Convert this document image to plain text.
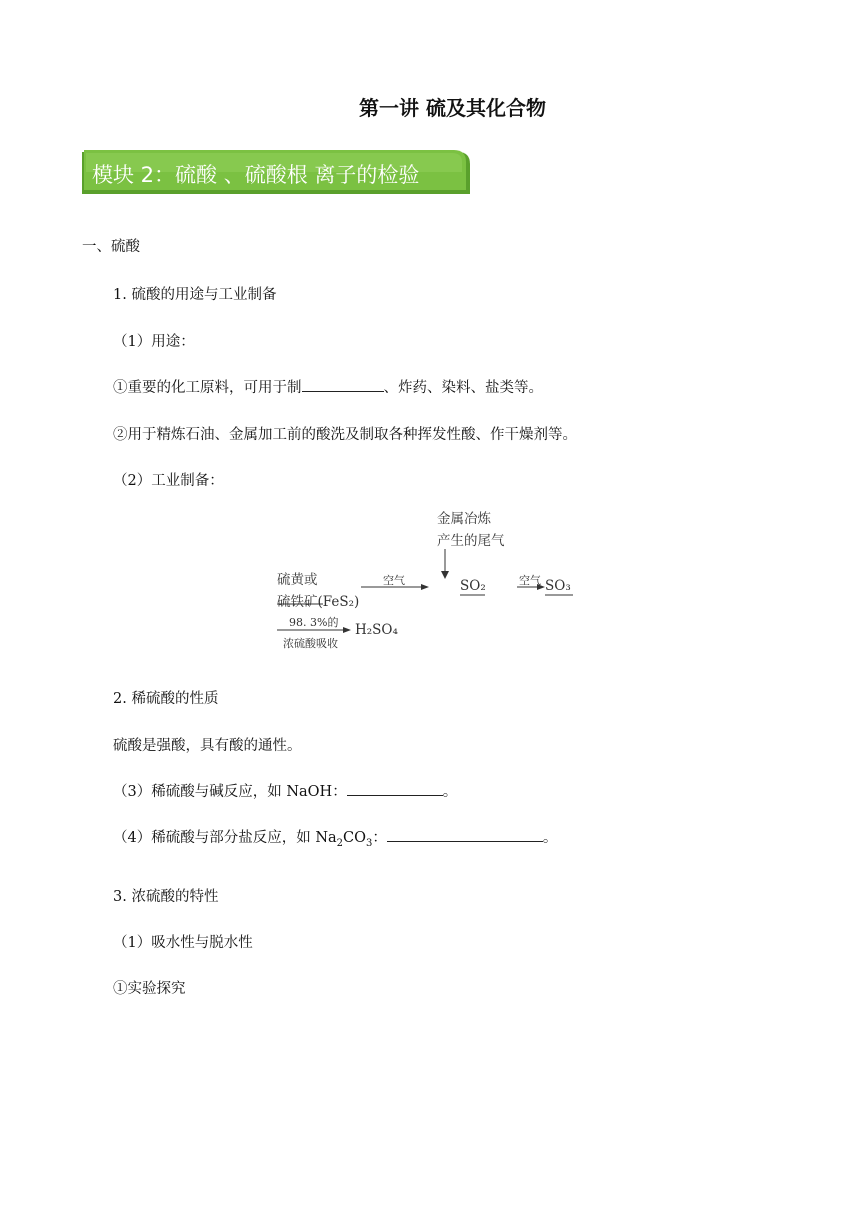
第一讲 硫及其化合物
模块 2：硫酸 、硫酸根 离子的检验
一、硫酸
1. 硫酸的用途与工业制备
（1）用途：
①重要的化工原料，可用于制	、炸药、染料、盐类等。
②用于精炼石油、金属加工前的酸洗及制取各种挥发性酸、作干燥剂等。
（2）工业制备：
金属冶炼
产生的尾气
硫黄或
硫铁矿(FeS₂)
空气	SO₂	空气 SO₃
98. 3%的
浓硫酸吸收
H₂SO₄
2. 稀硫酸的性质
硫酸是强酸，具有酸的通性。
（3）稀硫酸与碱反应，如 NaOH：	。
（4）稀硫酸与部分盐反应，如 $Na_2CO_3$：	。
3. 浓硫酸的特性
（1）吸水性与脱水性
①实验探究
